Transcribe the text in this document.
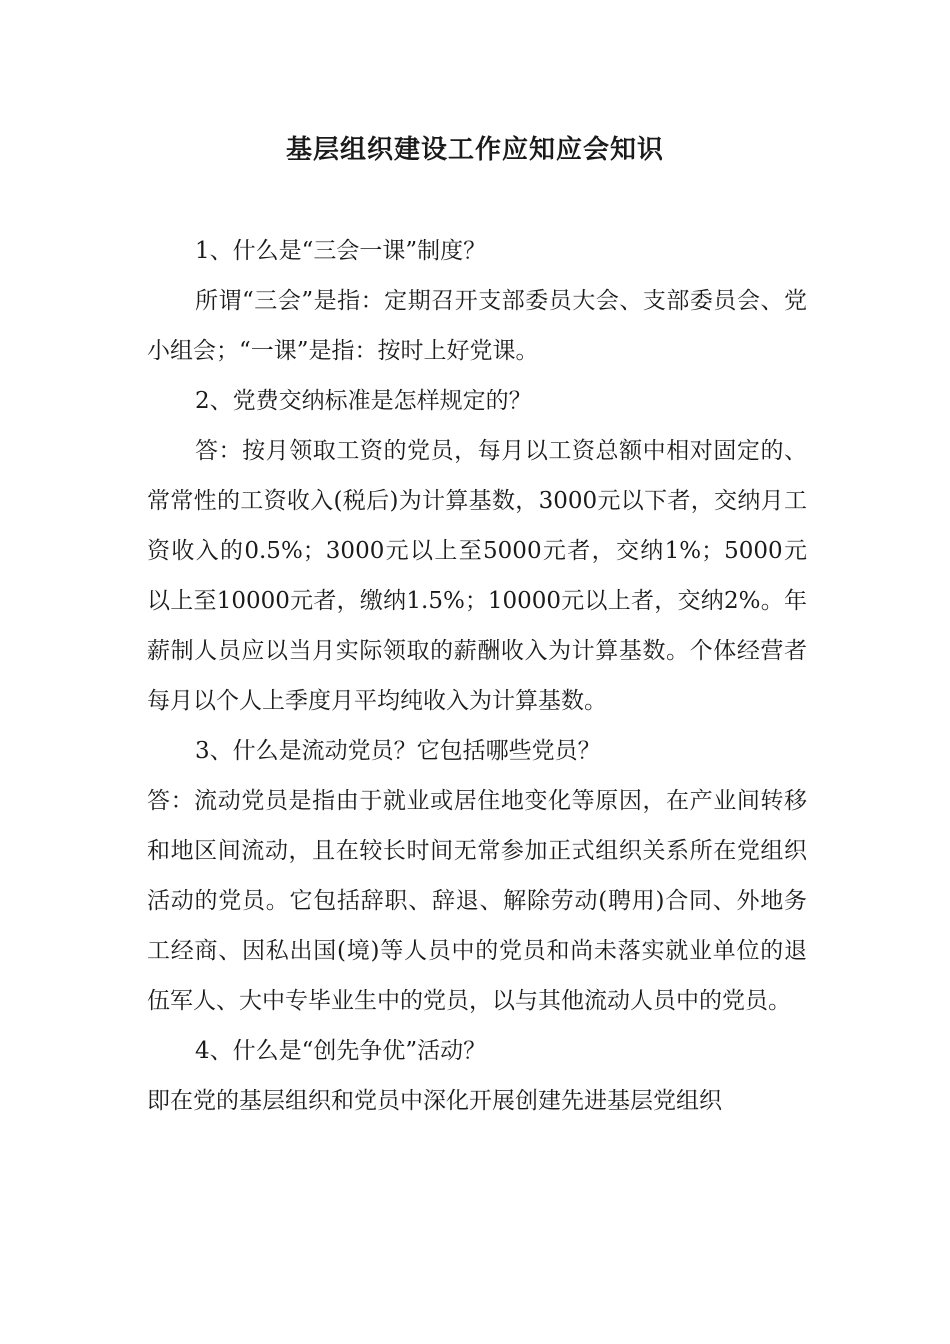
基层组织建设工作应知应会知识

1、什么是“三会一课”制度？

所谓“三会”是指：定期召开支部委员大会、支部委员会、党小组会；“一课”是指：按时上好党课。

2、党费交纳标准是怎样规定的？

答：按月领取工资的党员，每月以工资总额中相对固定的、常常性的工资收入(税后)为计算基数，3000元以下者，交纳月工资收入的0.5%；3000元以上至5000元者，交纳1%；5000元以上至10000元者，缴纳1.5%；10000元以上者，交纳2%。年薪制人员应以当月实际领取的薪酬收入为计算基数。个体经营者每月以个人上季度月平均纯收入为计算基数。

3、什么是流动党员？它包括哪些党员？

答：流动党员是指由于就业或居住地变化等原因，在产业间转移和地区间流动，且在较长时间无常参加正式组织关系所在党组织活动的党员。它包括辞职、辞退、解除劳动(聘用)合同、外地务工经商、因私出国(境)等人员中的党员和尚未落实就业单位的退伍军人、大中专毕业生中的党员，以与其他流动人员中的党员。

4、什么是“创先争优”活动？

即在党的基层组织和党员中深化开展创建先进基层党组织
